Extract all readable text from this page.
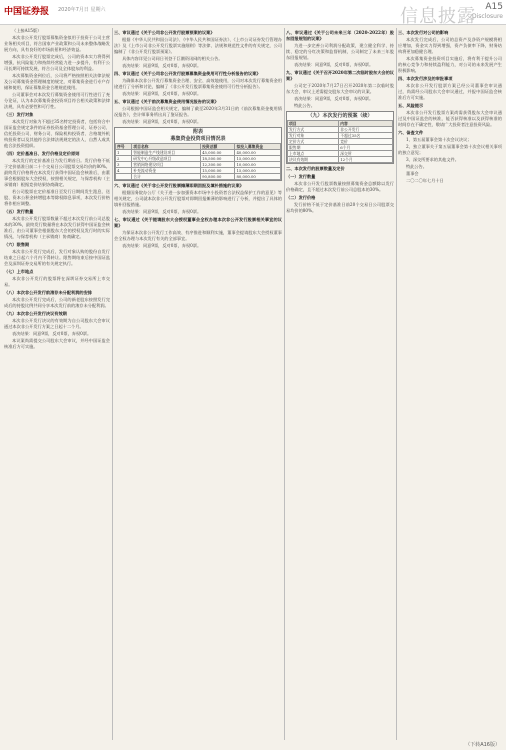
中国证券报 2020年7月日 星期六	信息披露	A15
Disclosure

（上接A15版）

本次非公开发行股票募集资金拟用于投资于公司主营业务相关项目，符合国家产业政策和公司未来整体战略发展方向，具有良好的市场前景和经济效益。

本次非公开发行股票完成后，公司的资本实力将得到增强，抗风险能力和持续经营能力进一步提升，有利于公司长期可持续发展，符合公司及全体股东的利益。

本次募集资金到位后，公司将严格按照相关法律法规及公司募集资金管理制度的规定，对募集资金进行专户存储和使用，保证募集资金合理规范使用。

公司董事会对本次发行募集资金使用可行性进行了充分论证，认为本次募集资金投资项目符合相关政策和法律法规，具有必要性和可行性。

（三）发行对象

本次发行对象为不超过35名特定投资者，包括符合中国证监会规定条件的证券投资基金管理公司、证券公司、信托投资公司、财务公司、保险机构投资者、合格境外机构投资者以及其他符合法律法规规定的法人、自然人或其他合法投资组织。

（四）定价基准日、发行价格及定价原则

本次发行的定价基准日为发行期首日。发行价格不低于定价基准日前二十个交易日公司股票交易均价的80%。最终发行价格将在本次发行获得中国证监会核准后，由董事会根据股东大会授权，按照相关规定，与保荐机构（主承销商）根据竞价结果协商确定。

若公司股票在定价基准日至发行日期间发生派息、送股、资本公积金转增股本等除权除息事项，本次发行价格将作相应调整。

（五）发行数量

本次非公开发行股票数量不超过本次发行前公司总股本的30%，最终发行数量将在本次发行获得中国证监会核准后，由公司董事会根据股东大会的授权及发行时的实际情况，与保荐机构（主承销商）协商确定。

（六）限售期

本次非公开发行完成后，发行对象认购的股份自发行结束之日起六个月内不得转让。限售期结束后按中国证监会及深圳证券交易所的有关规定执行。

（七）上市地点

本次非公开发行的股票将在深圳证券交易所上市交易。

（八）本次非公开发行前滚存未分配利润的安排

本次非公开发行完成后，公司的新老股东按照发行完成后的持股比例共同分享本次发行前的滚存未分配利润。

（九）本次非公开发行决议有效期

本次非公开发行决议的有效期为自公司股东大会审议通过本次非公开发行方案之日起十二个月。

表决结果：同意9票，反对0票，弃权0票。

本议案尚需提交公司股东大会审议，并经中国证监会核准后方可实施。

三、审议通过《关于公司非公开发行股票预案的议案》

根据《中华人民共和国公司法》、《中华人民共和国证券法》、《上市公司证券发行管理办法》及《上市公司非公开发行股票实施细则》等法律、法规和规范性文件的有关规定，公司编制了《非公开发行股票预案》。

具体内容详见公司同日刊登于巨潮资讯网的相关公告。

表决结果：同意9票，反对0票，弃权0票。

四、审议通过《关于公司非公开发行股票募集资金使用可行性分析报告的议案》

为确保本次非公开发行募集资金合理、安全、高效地使用，公司对本次发行募集资金用途进行了分析和讨论，编制了《非公开发行股票募集资金使用可行性分析报告》。

表决结果：同意9票，反对0票，弃权0票。

五、审议通过《关于前次募集资金使用情况报告的议案》

公司根据中国证监会相关规定，编制了截至2020年3月31日的《前次募集资金使用情况报告》，会计师事务所出具了鉴证报告。

表决结果：同意9票，反对0票，弃权0票。

附表
募集资金投资项目情况表
序号	项目名称	投资总额	拟投入募集资金
1	智能制造生产线建设项目	45,000.00	40,000.00
2	研发中心升级改造项目	18,500.00	15,000.00
3	营销网络建设项目	12,300.00	10,000.00
4	补充流动资金	15,000.00	15,000.00
	合计	90,800.00	80,000.00

六、审议通过《关于非公开发行股票摊薄即期回报及填补措施的议案》

根据国务院办公厅《关于进一步加强资本市场中小投资者合法权益保护工作的意见》等相关规定，公司就本次非公开发行股票对即期回报摊薄的影响进行了分析，并提出了具体的填补回报措施。

表决结果：同意9票，反对0票，弃权0票。

七、审议通过《关于提请股东大会授权董事会全权办理本次非公开发行股票相关事宜的议案》

为保证本次非公开发行工作高效、有序推进和顺利实施，董事会提请股东大会授权董事会全权办理与本次发行有关的全部事宜。

表决结果：同意9票，反对0票，弃权0票。

八、审议通过《关于公司未来三年（2020-2022年）股东回报规划的议案》

为进一步完善公司利润分配政策，建立健全科学、持续、稳定的分红决策和监督机制，公司制定了未来三年股东回报规划。

表决结果：同意9票，反对0票，弃权0票。

九、审议通过《关于召开2020年第二次临时股东大会的议案》

公司定于2020年7月27日召开2020年第二次临时股东大会，审议上述需提交股东大会审议的议案。

表决结果：同意9票，反对0票，弃权0票。

特此公告。

（九）本次发行的预案（续）
项目	内容
发行方式	非公开发行
发行对象	不超过35名
定价方式	竞价
限售期	6个月
上市地点	深交所
决议有效期	12个月

二、本次发行的股票数量及定价

（一）发行数量

本次非公开发行股票数量按照募集资金总额除以发行价格确定，且不超过本次发行前公司总股本的30%。

（二）发行价格

发行价格不低于定价基准日前20个交易日公司股票交易均价的80%。

三、本次发行对公司的影响

本次发行完成后，公司的总资产及净资产规模将相应增加，资金实力得到增强，资产负债率下降，财务结构将更加稳健合理。

本次募集资金投资项目实施后，将有利于提升公司的核心竞争力和持续盈利能力，对公司的未来发展产生积极影响。

四、本次发行涉及的审批事项

本次非公开发行股票方案已经公司董事会审议通过，尚需经公司股东大会审议通过，并报中国证监会核准后方可实施。

五、风险提示

本次非公开发行股票方案尚需获得股东大会审议通过及中国证监会的核准，能否获得核准以及获得核准的时间存在不确定性，敬请广大投资者注意投资风险。

六、备查文件

1、第五届董事会第十次会议决议；

2、独立董事关于第五届董事会第十次会议相关事项的独立意见；

3、深交所要求的其他文件。

特此公告。

董事会

二〇二〇年七月十日

（下转A16版）
